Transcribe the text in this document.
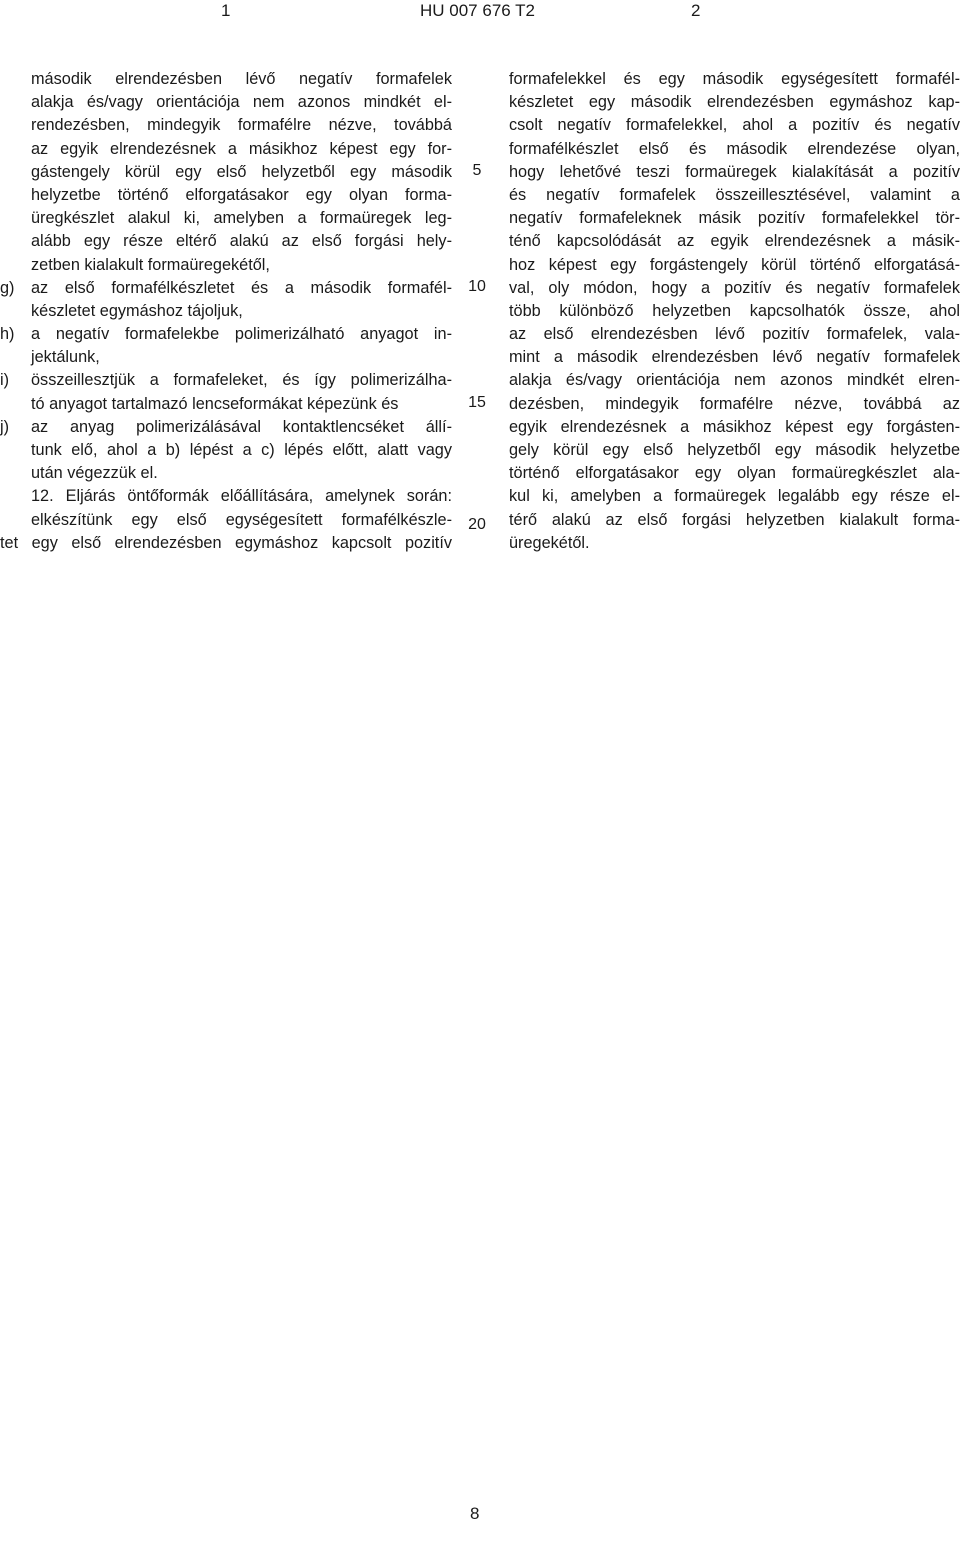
1	HU 007 676 T2	2
második elrendezésben lévő negatív formafelek
alakja és/vagy orientációja nem azonos mindkét el-
rendezésben, mindegyik formafélre nézve, továbbá
az egyik elrendezésnek a másikhoz képest egy for-
gástengely körül egy első helyzetből egy második
helyzetbe történő elforgatásakor egy olyan forma-
üregkészlet alakul ki, amelyben a formaüregek leg-
alább egy része eltérő alakú az első forgási hely-
zetben kialakult formaüregekétől,
g) az első formafélkészletet és a második formafél-
készletet egymáshoz tájoljuk,
h) a negatív formafelekbe polimerizálható anyagot in-
jektálunk,
i) összeillesztjük a formafeleket, és így polimerizálha-
tó anyagot tartalmazó lencseformákat képezünk és
j) az anyag polimerizálásával kontaktlencséket állí-
tunk elő, ahol a b) lépést a c) lépés előtt, alatt vagy
után végezzük el.
12. Eljárás öntőformák előállítására, amelynek során:
elkészítünk egy első egységesített formafélkészle-
tet egy első elrendezésben egymáshoz kapcsolt pozitív
5
10
15
20
formafelekkel és egy második egységesített formafél-
készletet egy második elrendezésben egymáshoz kap-
csolt negatív formafelekkel, ahol a pozitív és negatív
formafélkészlet első és második elrendezése olyan,
hogy lehetővé teszi formaüregek kialakítását a pozitív
és negatív formafelek összeillesztésével, valamint a
negatív formafeleknek másik pozitív formafelekkel tör-
ténő kapcsolódását az egyik elrendezésnek a másik-
hoz képest egy forgástengely körül történő elforgatásá-
val, oly módon, hogy a pozitív és negatív formafelek
több különböző helyzetben kapcsolhatók össze, ahol
az első elrendezésben lévő pozitív formafelek, vala-
mint a második elrendezésben lévő negatív formafelek
alakja és/vagy orientációja nem azonos mindkét elren-
dezésben, mindegyik formafélre nézve, továbbá az
egyik elrendezésnek a másikhoz képest egy forgásten-
gely körül egy első helyzetből egy második helyzetbe
történő elforgatásakor egy olyan formaüregkészlet ala-
kul ki, amelyben a formaüregek legalább egy része el-
térő alakú az első forgási helyzetben kialakult forma-
üregekétől.
8
